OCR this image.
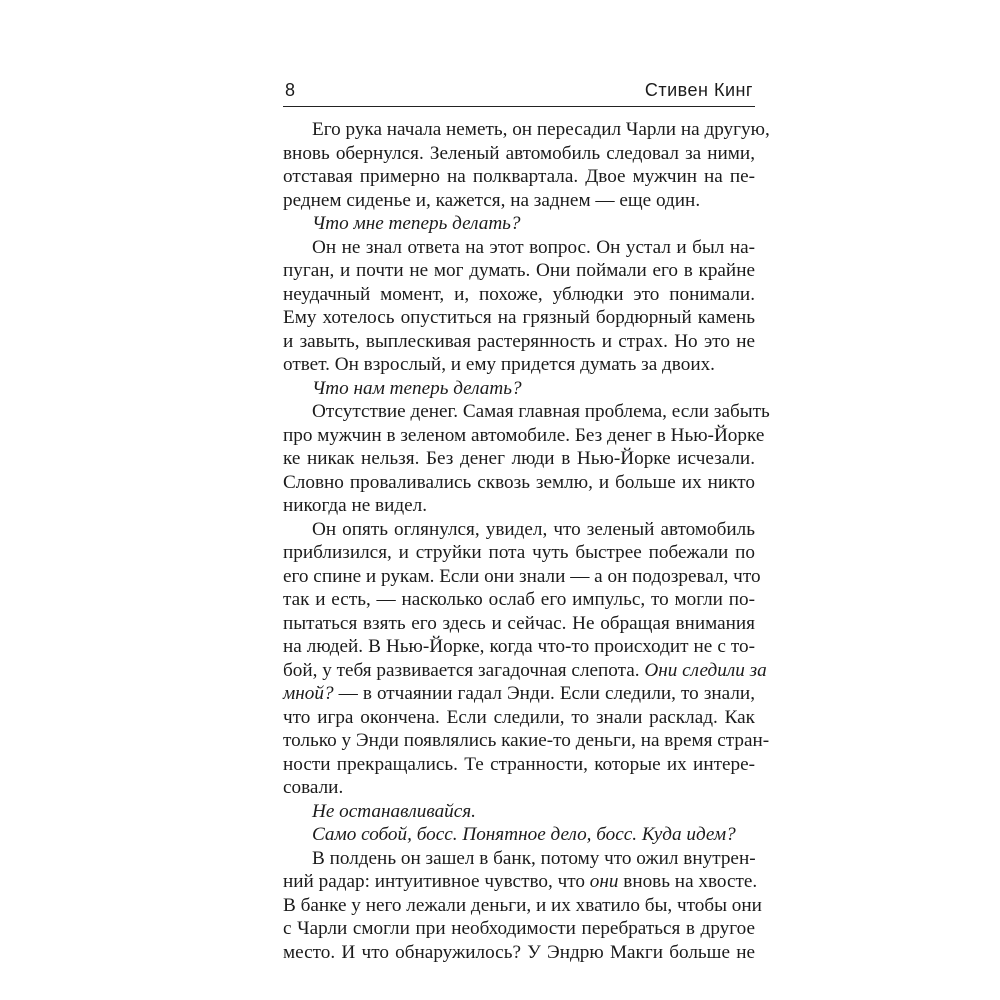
8	Стивен Кинг
Его рука начала неметь, он пересадил Чарли на другую,
вновь обернулся. Зеленый автомобиль следовал за ними,
отставая примерно на полквартала. Двое мужчин на пе-
реднем сиденье и, кажется, на заднем — еще один.
Что мне теперь делать?
Он не знал ответа на этот вопрос. Он устал и был на-
пуган, и почти не мог думать. Они поймали его в крайне
неудачный момент, и, похоже, ублюдки это понимали.
Ему хотелось опуститься на грязный бордюрный камень
и завыть, выплескивая растерянность и страх. Но это не
ответ. Он взрослый, и ему придется думать за двоих.
Что нам теперь делать?
Отсутствие денег. Самая главная проблема, если забыть
про мужчин в зеленом автомобиле. Без денег в Нью-Йорке
ке никак нельзя. Без денег люди в Нью-Йорке исчезали.
Словно проваливались сквозь землю, и больше их никто
никогда не видел.
Он опять оглянулся, увидел, что зеленый автомобиль
приблизился, и струйки пота чуть быстрее побежали по
его спине и рукам. Если они знали — а он подозревал, что
так и есть, — насколько ослаб его импульс, то могли по-
пытаться взять его здесь и сейчас. Не обращая внимания
на людей. В Нью-Йорке, когда что-то происходит не с то-
бой, у тебя развивается загадочная слепота. Они следили за
мной? — в отчаянии гадал Энди. Если следили, то знали,
что игра окончена. Если следили, то знали расклад. Как
только у Энди появлялись какие-то деньги, на время стран-
ности прекращались. Те странности, которые их интере-
совали.
Не останавливайся.
Само собой, босс. Понятное дело, босс. Куда идем?
В полдень он зашел в банк, потому что ожил внутрен-
ний радар: интуитивное чувство, что они вновь на хвосте.
В банке у него лежали деньги, и их хватило бы, чтобы они
с Чарли смогли при необходимости перебраться в другое
место. И что обнаружилось? У Эндрю Макги больше не
